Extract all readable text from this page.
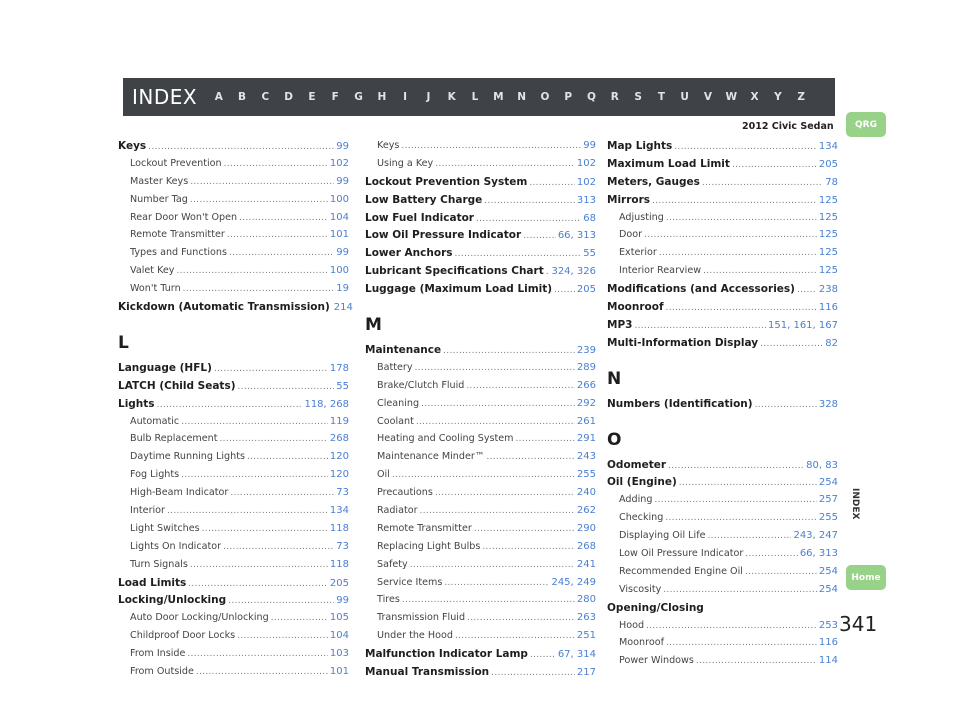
INDEX	A	B	C	D	E	F	G	H	I	J	K	L	M	N	O	P	Q	R	S	T	U	V	W	X	Y	Z
2012 Civic Sedan	QRG
Home
INDEX
Keys .....	99
Lockout Prevention .....	102
Master Keys .....	99
Number Tag .....	100
Rear Door Won't Open .....	104
Remote Transmitter .....	101
Types and Functions .....	99
Valet Key .....	100
Won't Turn .....	19
Kickdown (Automatic Transmission) 214
L
Language (HFL) .....	178
LATCH (Child Seats) .....	55
Lights .....	118, 268
Automatic .....	119
Bulb Replacement .....	268
Daytime Running Lights .....	120
Fog Lights .....	120
High-Beam Indicator .....	73
Interior .....	134
Light Switches .....	118
Lights On Indicator .....	73
Turn Signals .....	118
Load Limits .....	205
Locking/Unlocking .....	99
Auto Door Locking/Unlocking .....	105
Childproof Door Locks .....	104
From Inside .....	103
From Outside .....	101
Keys .....	99
Using a Key .....	102
Lockout Prevention System .....	102
Low Battery Charge .....	313
Low Fuel Indicator .....	68
Low Oil Pressure Indicator .....	66, 313
Lower Anchors .....	55
Lubricant Specifications Chart ..... 324, 326
Luggage (Maximum Load Limit) ..... 205
M
Maintenance .....	239
Battery .....	289
Brake/Clutch Fluid .....	266
Cleaning .....	292
Coolant .....	261
Heating and Cooling System .....	291
Maintenance Minder™ .....	243
Oil .....	255
Precautions .....	240
Radiator .....	262
Remote Transmitter .....	290
Replacing Light Bulbs .....	268
Safety .....	241
Service Items .....	245, 249
Tires .....	280
Transmission Fluid .....	263
Under the Hood .....	251
Malfunction Indicator Lamp .....	67, 314
Manual Transmission .....	217
Map Lights .....	134
Maximum Load Limit .....	205
Meters, Gauges .....	78
Mirrors .....	125
Adjusting .....	125
Door .....	125
Exterior .....	125
Interior Rearview .....	125
Modifications (and Accessories) ..... 238
Moonroof .....	116
MP3 .....	151, 161, 167
Multi-Information Display .....	82
N
Numbers (Identification) .....	328
O
Odometer .....	80, 83
Oil (Engine) .....	254
Adding .....	257
Checking .....	255
Displaying Oil Life .....	243, 247
Low Oil Pressure Indicator .....	66, 313
Recommended Engine Oil .....	254
Viscosity .....	254
Opening/Closing
Hood .....	253
Moonroof .....	116
Power Windows .....	114
341
